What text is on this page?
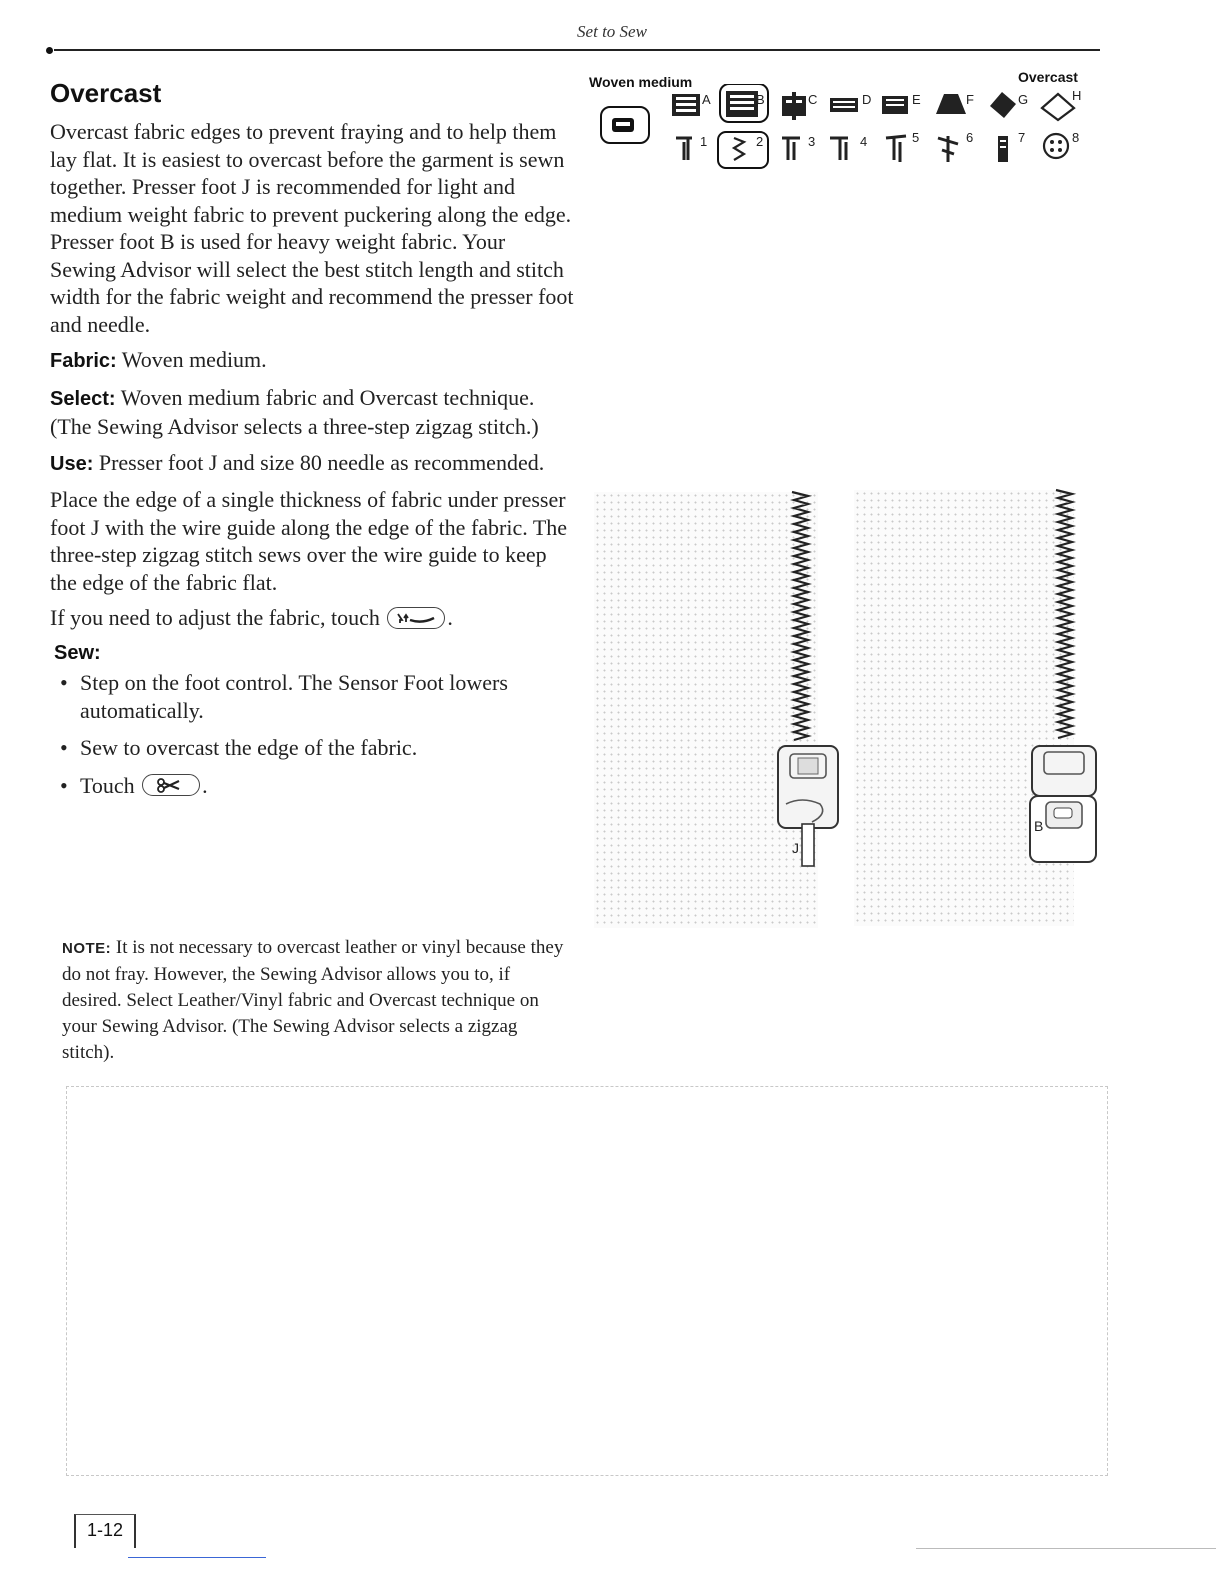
Set to Sew
Overcast

Overcast fabric edges to prevent fraying and to help them lay flat. It is easiest to overcast before the garment is sewn together. Presser foot J is recommended for light and medium weight fabric to prevent puckering along the edge. Presser foot B is used for heavy weight fabric. Your Sewing Advisor will select the best stitch length and stitch width for the fabric weight and recommend the presser foot and needle.

Fabric: Woven medium.

Select: Woven medium fabric and Overcast technique. (The Sewing Advisor selects a three-step zigzag stitch.)

Use: Presser foot J and size 80 needle as recommended.

Place the edge of a single thickness of fabric under presser foot J with the wire guide along the edge of the fabric. The three-step zigzag stitch sews over the wire guide to keep the edge of the fabric flat.

If you need to adjust the fabric, touch	.

Sew:
• Step on the foot control. The Sensor Foot lowers automatically.
• Sew to overcast the edge of the fabric.
• Touch	.

NOTE: It is not necessary to overcast leather or vinyl because they do not fray. However, the Sewing Advisor allows you to, if desired. Select Leather/Vinyl fabric and Overcast technique on your Sewing Advisor. (The Sewing Advisor selects a zigzag stitch).

Woven medium	Overcast
A	B	C	D	E	F	G	H
1	2	3	4	5	6	7	8
J
B
1-12
